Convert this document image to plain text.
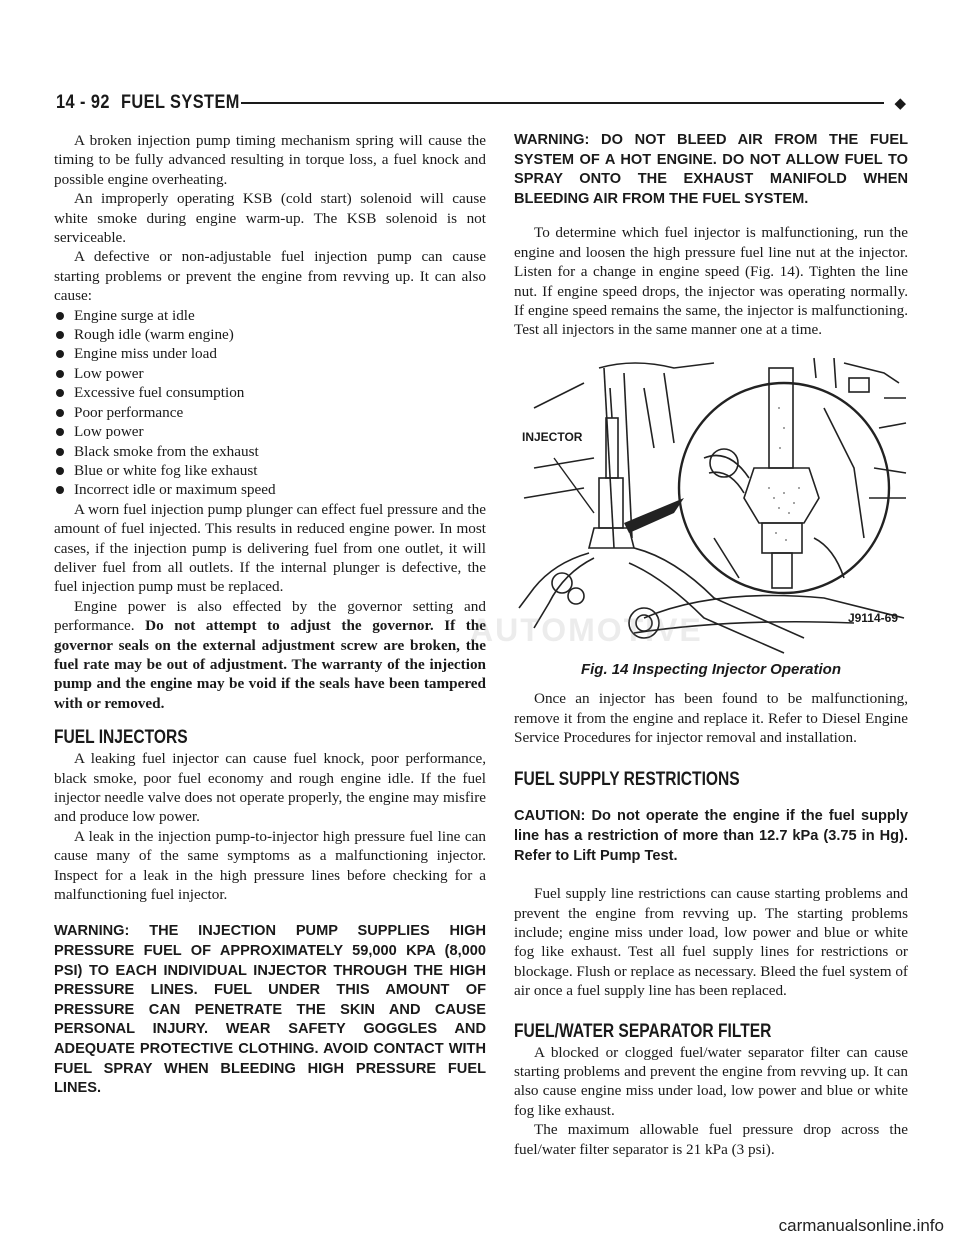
14 - 92 FUEL SYSTEM	◆

A broken injection pump timing mechanism spring will cause the timing to be fully advanced resulting in torque loss, a fuel knock and possible engine overheating.

An improperly operating KSB (cold start) solenoid will cause white smoke during engine warm-up. The KSB solenoid is not serviceable.

A defective or non-adjustable fuel injection pump can cause starting problems or prevent the engine from revving up. It can also cause:

Engine surge at idle
Rough idle (warm engine)
Engine miss under load
Low power
Excessive fuel consumption
Poor performance
Low power
Black smoke from the exhaust
Blue or white fog like exhaust
Incorrect idle or maximum speed

A worn fuel injection pump plunger can effect fuel pressure and the amount of fuel injected. This results in reduced engine power. In most cases, if the injection pump is delivering fuel from one outlet, it will deliver fuel from all outlets. If the internal plunger is defective, the fuel injection pump must be replaced.

Engine power is also effected by the governor setting and performance. Do not attempt to adjust the governor. If the governor seals on the external adjustment screw are broken, the fuel rate may be out of adjustment. The warranty of the injection pump and the engine may be void if the seals have been tampered with or removed.

FUEL INJECTORS

A leaking fuel injector can cause fuel knock, poor performance, black smoke, poor fuel economy and rough engine idle. If the fuel injector needle valve does not operate properly, the engine may misfire and produce low power.

A leak in the injection pump-to-injector high pressure fuel line can cause many of the same symptoms as a malfunctioning injector. Inspect for a leak in the high pressure lines before checking for a malfunctioning fuel injector.

WARNING: THE INJECTION PUMP SUPPLIES HIGH PRESSURE FUEL OF APPROXIMATELY 59,000 KPA (8,000 PSI) TO EACH INDIVIDUAL INJECTOR THROUGH THE HIGH PRESSURE LINES. FUEL UNDER THIS AMOUNT OF PRESSURE CAN PENETRATE THE SKIN AND CAUSE PERSONAL INJURY. WEAR SAFETY GOGGLES AND ADEQUATE PROTECTIVE CLOTHING. AVOID CONTACT WITH FUEL SPRAY WHEN BLEEDING HIGH PRESSURE FUEL LINES.

WARNING: DO NOT BLEED AIR FROM THE FUEL SYSTEM OF A HOT ENGINE. DO NOT ALLOW FUEL TO SPRAY ONTO THE EXHAUST MANIFOLD WHEN BLEEDING AIR FROM THE FUEL SYSTEM.

To determine which fuel injector is malfunctioning, run the engine and loosen the high pressure fuel line nut at the injector. Listen for a change in engine speed (Fig. 14). Tighten the line nut. If engine speed drops, the injector was operating normally. If engine speed remains the same, the injector is malfunctioning. Test all injectors in the same manner one at a time.

INJECTOR
J9114-69
Fig. 14 Inspecting Injector Operation

Once an injector has been found to be malfunctioning, remove it from the engine and replace it. Refer to Diesel Engine Service Procedures for injector removal and installation.

FUEL SUPPLY RESTRICTIONS

CAUTION: Do not operate the engine if the fuel supply line has a restriction of more than 12.7 kPa (3.75 in Hg). Refer to Lift Pump Test.

Fuel supply line restrictions can cause starting problems and prevent the engine from revving up. The starting problems include; engine miss under load, low power and blue or white fog like exhaust. Test all fuel supply lines for restrictions or blockage. Flush or replace as necessary. Bleed the fuel system of air once a fuel supply line has been replaced.

FUEL/WATER SEPARATOR FILTER

A blocked or clogged fuel/water separator filter can cause starting problems and prevent the engine from revving up. It can also cause engine miss under load, low power and blue or white fog like exhaust.

The maximum allowable fuel pressure drop across the fuel/water filter separator is 21 kPa (3 psi).

AUTOMOTIVE
carmanualsonline.info
